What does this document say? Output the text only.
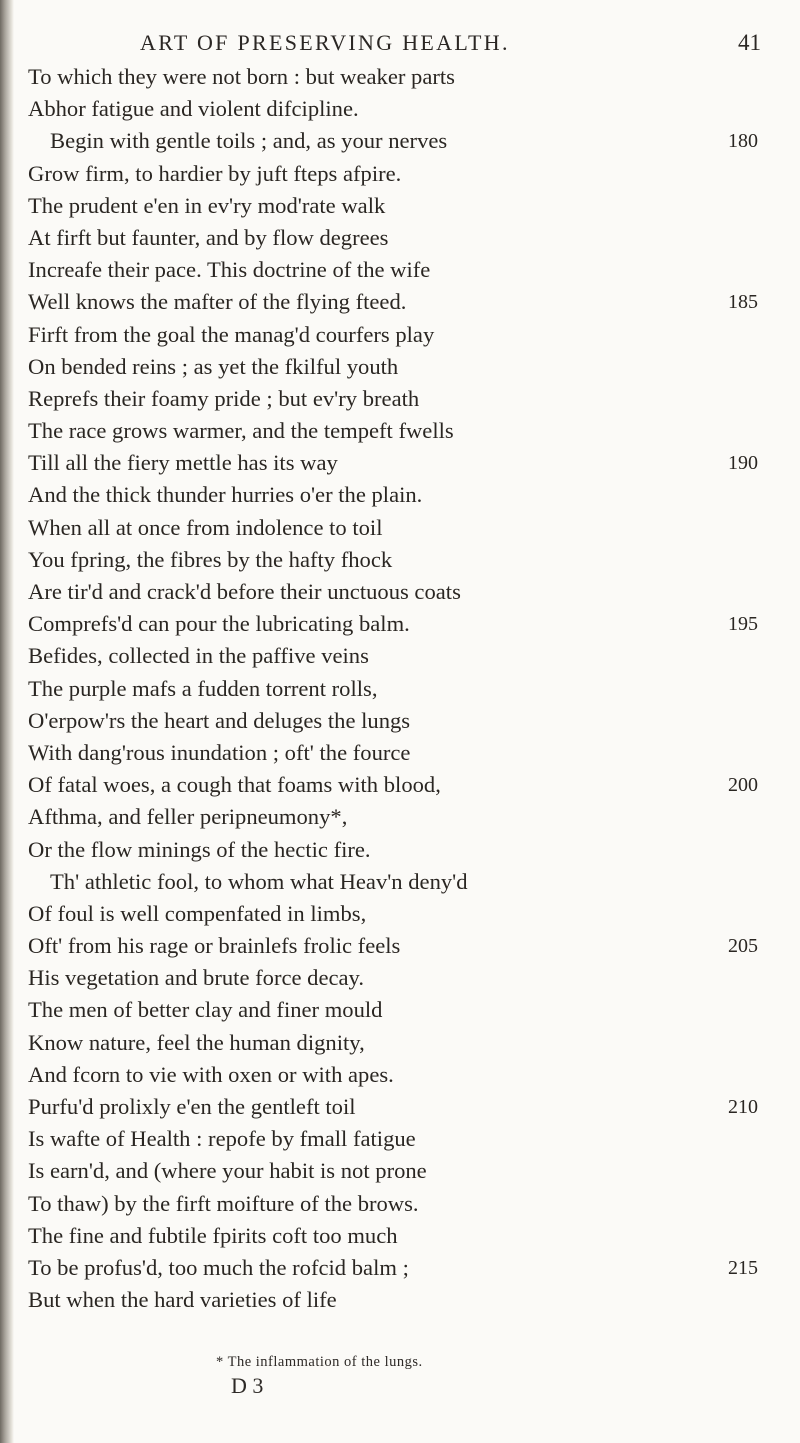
ART OF PRESERVING HEALTH.	41
To which they were not born : but weaker parts
Abhor fatigue and violent difcipline.
Begin with gentle toils ; and, as your nerves	180
Grow firm, to hardier by juft fteps afpire.
The prudent e'en in ev'ry mod'rate walk
At firft but faunter, and by flow degrees
Increafe their pace. This doctrine of the wife
Well knows the mafter of the flying fteed.	185
Firft from the goal the manag'd courfers play
On bended reins ; as yet the fkilful youth
Reprefs their foamy pride ; but ev'ry breath
The race grows warmer, and the tempeft fwells
Till all the fiery mettle has its way	190
And the thick thunder hurries o'er the plain.
When all at once from indolence to toil
You fpring, the fibres by the hafty fhock
Are tir'd and crack'd before their unctuous coats
Comprefs'd can pour the lubricating balm.	195
Befides, collected in the paffive veins
The purple mafs a fudden torrent rolls,
O'erpow'rs the heart and deluges the lungs
With dang'rous inundation ; oft' the fource
Of fatal woes, a cough that foams with blood,	200
Afthma, and feller peripneumony*,
Or the flow minings of the hectic fire.
Th' athletic fool, to whom what Heav'n deny'd
Of foul is well compenfated in limbs,
Oft' from his rage or brainlefs frolic feels	205
His vegetation and brute force decay.
The men of better clay and finer mould
Know nature, feel the human dignity,
And fcorn to vie with oxen or with apes.
Purfu'd prolixly e'en the gentleft toil	210
Is wafte of Health : repofe by fmall fatigue
Is earn'd, and (where your habit is not prone
To thaw) by the firft moifture of the brows.
The fine and fubtile fpirits coft too much
To be profus'd, too much the rofcid balm ;	215
But when the hard varieties of life
* The inflammation of the lungs.
D 3
